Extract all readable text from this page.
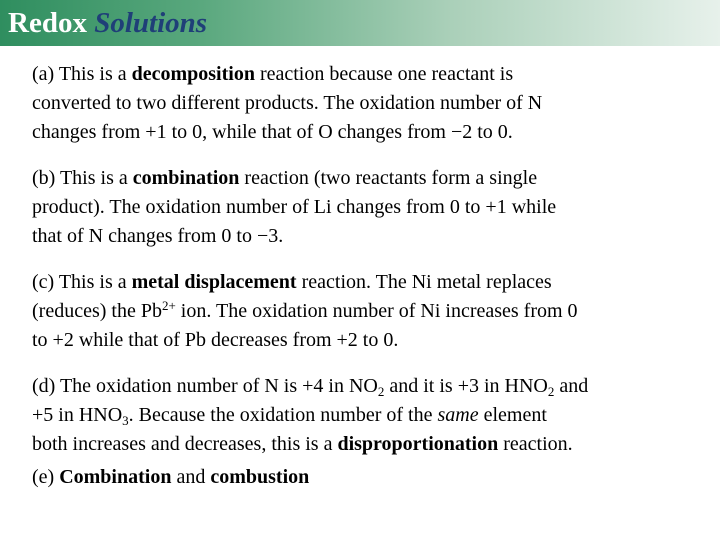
Redox Solutions
(a) This is a decomposition reaction because one reactant is
converted to two different products. The oxidation number of N
changes from +1 to 0, while that of O changes from −2 to 0.
(b) This is a combination reaction (two reactants form a single
product). The oxidation number of Li changes from 0 to +1 while
that of N changes from 0 to −3.
(c) This is a metal displacement reaction. The Ni metal replaces
(reduces) the $Pb^{2+}$ ion. The oxidation number of Ni increases from 0
to +2 while that of Pb decreases from +2 to 0.
(d) The oxidation number of N is +4 in $NO_2$ and it is +3 in $HNO_2$ and
+5 in $HNO_3$. Because the oxidation number of the same element
both increases and decreases, this is a disproportionation reaction.
(e) Combination and combustion
